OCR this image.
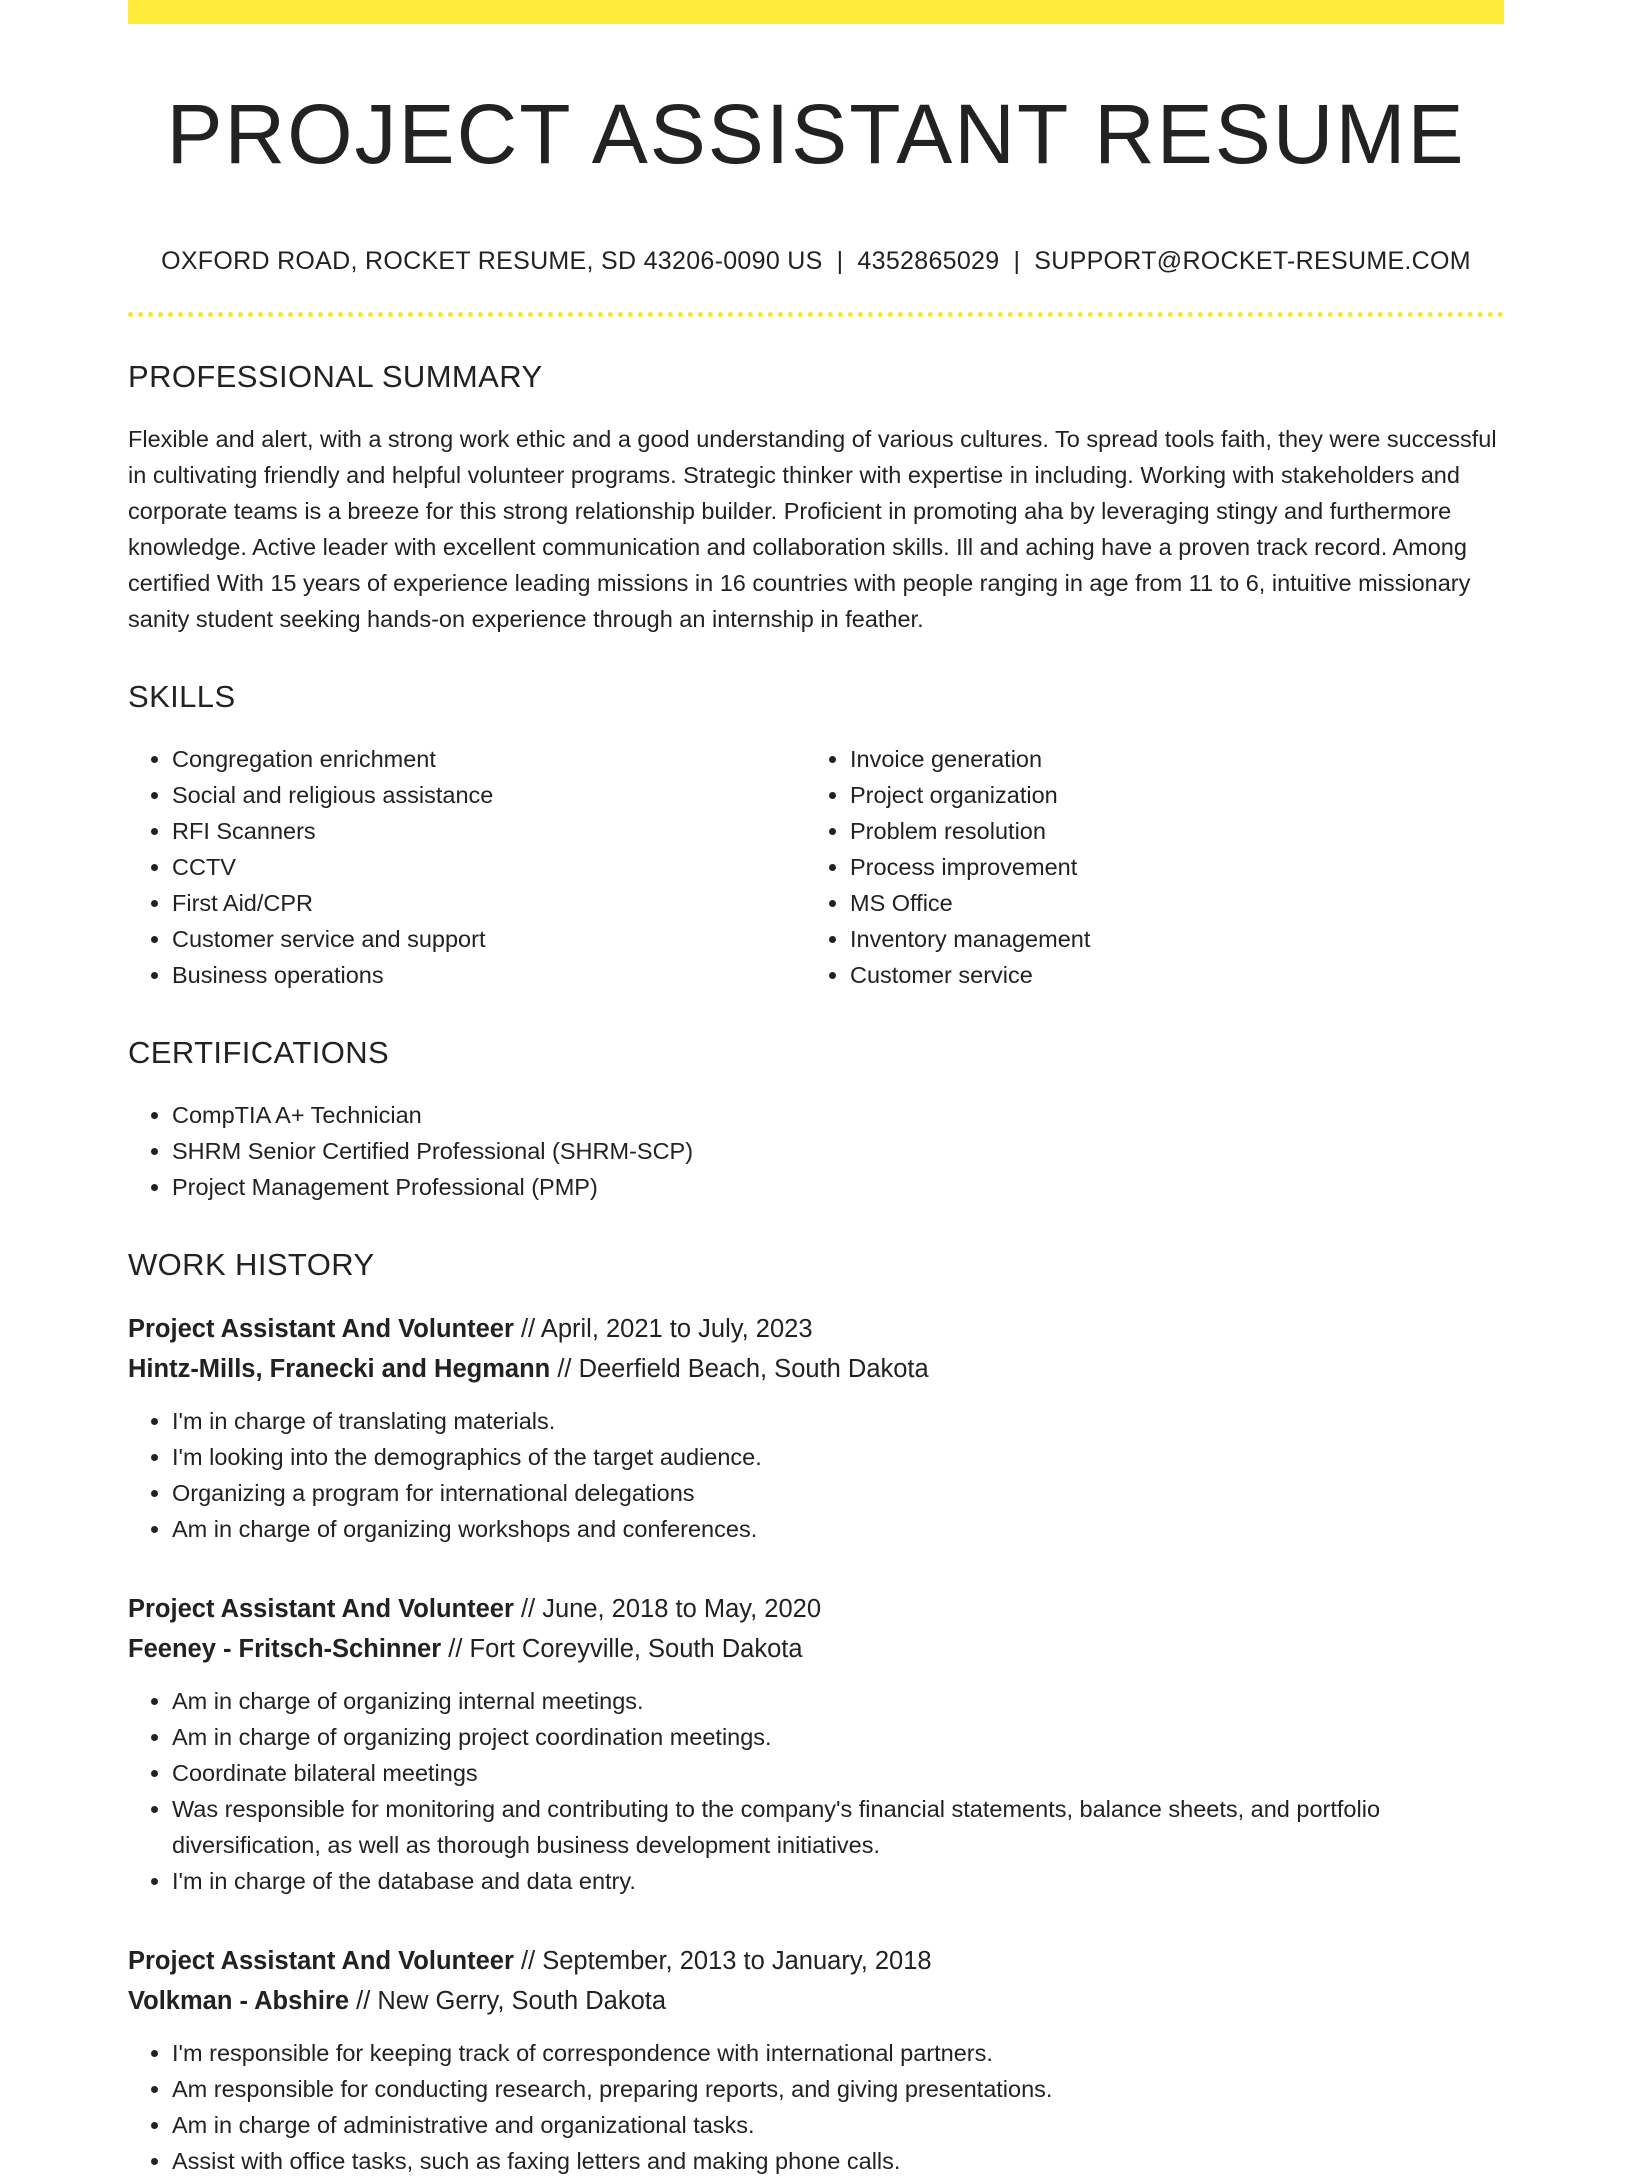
PROJECT ASSISTANT RESUME
OXFORD ROAD, ROCKET RESUME, SD 43206-0090 US | 4352865029 | SUPPORT@ROCKET-RESUME.COM
PROFESSIONAL SUMMARY

Flexible and alert, with a strong work ethic and a good understanding of various cultures. To spread tools faith, they were successful in cultivating friendly and helpful volunteer programs. Strategic thinker with expertise in including. Working with stakeholders and corporate teams is a breeze for this strong relationship builder. Proficient in promoting aha by leveraging stingy and furthermore knowledge. Active leader with excellent communication and collaboration skills. Ill and aching have a proven track record. Among certified With 15 years of experience leading missions in 16 countries with people ranging in age from 11 to 6, intuitive missionary sanity student seeking hands-on experience through an internship in feather.

SKILLS
• Congregation enrichment
• Social and religious assistance
• RFI Scanners
• CCTV
• First Aid/CPR
• Customer service and support
• Business operations
• Invoice generation
• Project organization
• Problem resolution
• Process improvement
• MS Office
• Inventory management
• Customer service
CERTIFICATIONS
• CompTIA A+ Technician
• SHRM Senior Certified Professional (SHRM-SCP)
• Project Management Professional (PMP)
WORK HISTORY
Project Assistant And Volunteer // April, 2021 to July, 2023
Hintz-Mills, Franecki and Hegmann // Deerfield Beach, South Dakota
• I'm in charge of translating materials.
• I'm looking into the demographics of the target audience.
• Organizing a program for international delegations
• Am in charge of organizing workshops and conferences.
Project Assistant And Volunteer // June, 2018 to May, 2020
Feeney - Fritsch-Schinner // Fort Coreyville, South Dakota
• Am in charge of organizing internal meetings.
• Am in charge of organizing project coordination meetings.
• Coordinate bilateral meetings
• Was responsible for monitoring and contributing to the company's financial statements, balance sheets, and portfolio diversification, as well as thorough business development initiatives.
• I'm in charge of the database and data entry.
Project Assistant And Volunteer // September, 2013 to January, 2018
Volkman - Abshire // New Gerry, South Dakota
• I'm responsible for keeping track of correspondence with international partners.
• Am responsible for conducting research, preparing reports, and giving presentations.
• Am in charge of administrative and organizational tasks.
• Assist with office tasks, such as faxing letters and making phone calls.
